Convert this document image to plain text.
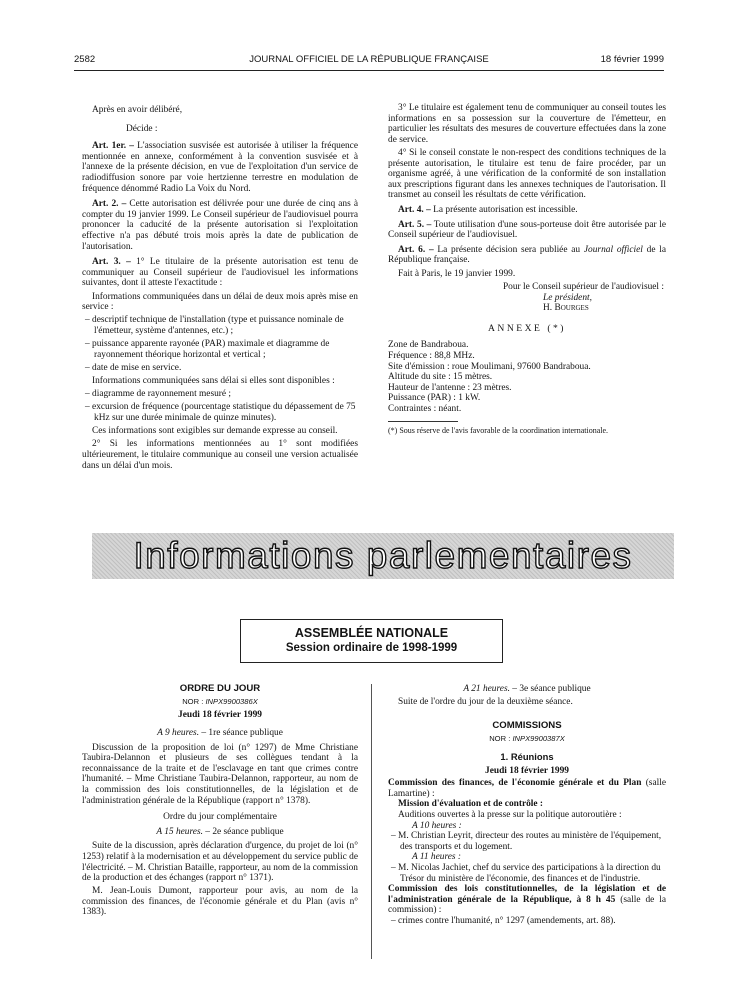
2582	JOURNAL OFFICIEL DE LA RÉPUBLIQUE FRANÇAISE	18 février 1999

Après en avoir délibéré,

Décide :

Art. 1er. – L'association susvisée est autorisée à utiliser la fréquence mentionnée en annexe, conformément à la convention susvisée et à l'annexe de la présente décision, en vue de l'exploitation d'un service de radiodiffusion sonore par voie hertzienne terrestre en modulation de fréquence dénommé Radio La Voix du Nord.

Art. 2. – Cette autorisation est délivrée pour une durée de cinq ans à compter du 19 janvier 1999. Le Conseil supérieur de l'audiovisuel pourra prononcer la caducité de la présente autorisation si l'exploitation effective n'a pas débuté trois mois après la date de publication de l'autorisation.

Art. 3. – 1° Le titulaire de la présente autorisation est tenu de communiquer au Conseil supérieur de l'audiovisuel les informations suivantes, dont il atteste l'exactitude :

Informations communiquées dans un délai de deux mois après mise en service :

– descriptif technique de l'installation (type et puissance nominale de l'émetteur, système d'antennes, etc.) ;

– puissance apparente rayonée (PAR) maximale et diagramme de rayonnement théorique horizontal et vertical ;

– date de mise en service.

Informations communiquées sans délai si elles sont disponibles :

– diagramme de rayonnement mesuré ;

– excursion de fréquence (pourcentage statistique du dépassement de 75 kHz sur une durée minimale de quinze minutes).

Ces informations sont exigibles sur demande expresse au conseil.

2° Si les informations mentionnées au 1° sont modifiées ultérieurement, le titulaire communique au conseil une version actualisée dans un délai d'un mois.

3° Le titulaire est également tenu de communiquer au conseil toutes les informations en sa possession sur la couverture de l'émetteur, en particulier les résultats des mesures de couverture effectuées dans la zone de service.

4° Si le conseil constate le non-respect des conditions techniques de la présente autorisation, le titulaire est tenu de faire procéder, par un organisme agréé, à une vérification de la conformité de son installation aux prescriptions figurant dans les annexes techniques de l'autorisation. Il transmet au conseil les résultats de cette vérification.

Art. 4. – La présente autorisation est incessible.

Art. 5. – Toute utilisation d'une sous-porteuse doit être autorisée par le Conseil supérieur de l'audiovisuel.

Art. 6. – La présente décision sera publiée au Journal officiel de la République française.

Fait à Paris, le 19 janvier 1999.

Pour le Conseil supérieur de l'audiovisuel :

Le président,

H. Bourges

ANNEXE (*)

Zone de Bandraboua.

Fréquence : 88,8 MHz.

Site d'émission : roue Moulimani, 97600 Bandraboua.

Altitude du site : 15 mètres.

Hauteur de l'antenne : 23 mètres.

Puissance (PAR) : 1 kW.

Contraintes : néant.

(*) Sous réserve de l'avis favorable de la coordination internationale.

Informations parlementaires
ASSEMBLÉE NATIONALE
Session ordinaire de 1998-1999

ORDRE DU JOUR

NOR : INPX9900386X

Jeudi 18 février 1999

A 9 heures. – 1re séance publique

Discussion de la proposition de loi (n° 1297) de Mme Christiane Taubira-Delannon et plusieurs de ses collègues tendant à la reconnaissance de la traite et de l'esclavage en tant que crimes contre l'humanité. – Mme Christiane Taubira-Delannon, rapporteur, au nom de la commission des lois constitutionnelles, de la législation et de l'administration générale de la République (rapport n° 1378).

Ordre du jour complémentaire

A 15 heures. – 2e séance publique

Suite de la discussion, après déclaration d'urgence, du projet de loi (n° 1253) relatif à la modernisation et au développement du service public de l'électricité. – M. Christian Bataille, rapporteur, au nom de la commission de la production et des échanges (rapport n° 1371).

M. Jean-Louis Dumont, rapporteur pour avis, au nom de la commission des finances, de l'économie générale et du Plan (avis n° 1383).

A 21 heures. – 3e séance publique

Suite de l'ordre du jour de la deuxième séance.

COMMISSIONS

NOR : INPX9900387X

1. Réunions

Jeudi 18 février 1999

Commission des finances, de l'économie générale et du Plan (salle Lamartine) :

Mission d'évaluation et de contrôle :

Auditions ouvertes à la presse sur la politique autoroutière :

A 10 heures :

– M. Christian Leyrit, directeur des routes au ministère de l'équipement, des transports et du logement.

A 11 heures :

– M. Nicolas Jachiet, chef du service des participations à la direction du Trésor du ministère de l'économie, des finances et de l'industrie.

Commission des lois constitutionnelles, de la législation et de l'administration générale de la République, à 8 h 45 (salle de la commission) :

– crimes contre l'humanité, n° 1297 (amendements, art. 88).
